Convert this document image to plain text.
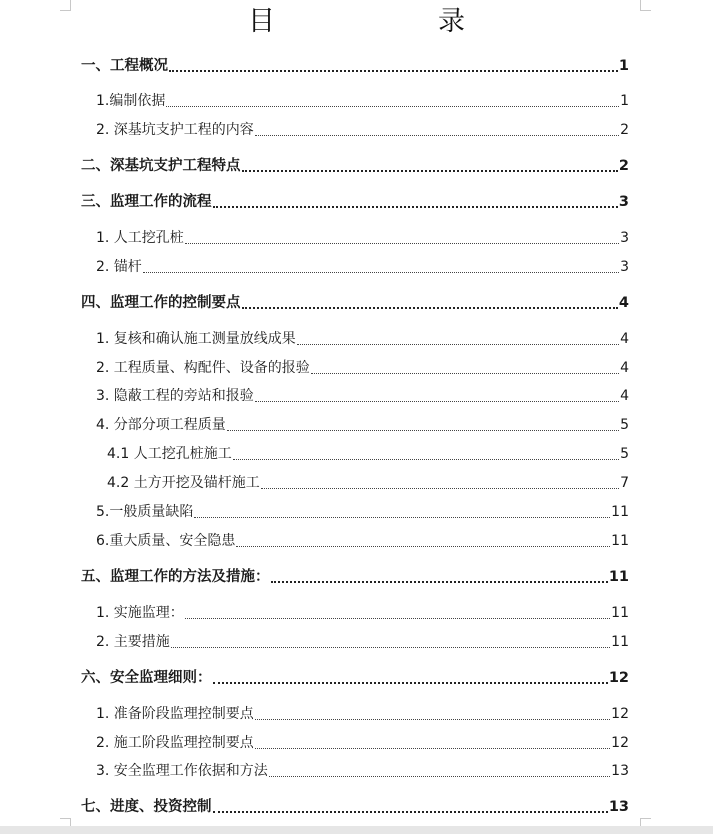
目　录
一、工程概况	1
1.编制依据	1
2. 深基坑支护工程的内容	2
二、深基坑支护工程特点	2
三、监理工作的流程	3
1. 人工挖孔桩	3
2. 锚杆	3
四、监理工作的控制要点	4
1. 复核和确认施工测量放线成果	4
2. 工程质量、构配件、设备的报验	4
3. 隐蔽工程的旁站和报验	4
4. 分部分项工程质量	5
4.1 人工挖孔桩施工	5
4.2 土方开挖及锚杆施工	7
5.一般质量缺陷	11
6.重大质量、安全隐患	11
五、监理工作的方法及措施：	11
1. 实施监理：	11
2. 主要措施	11
六、安全监理细则：	12
1. 准备阶段监理控制要点	12
2. 施工阶段监理控制要点	12
3. 安全监理工作依据和方法	13
七、进度、投资控制	13
